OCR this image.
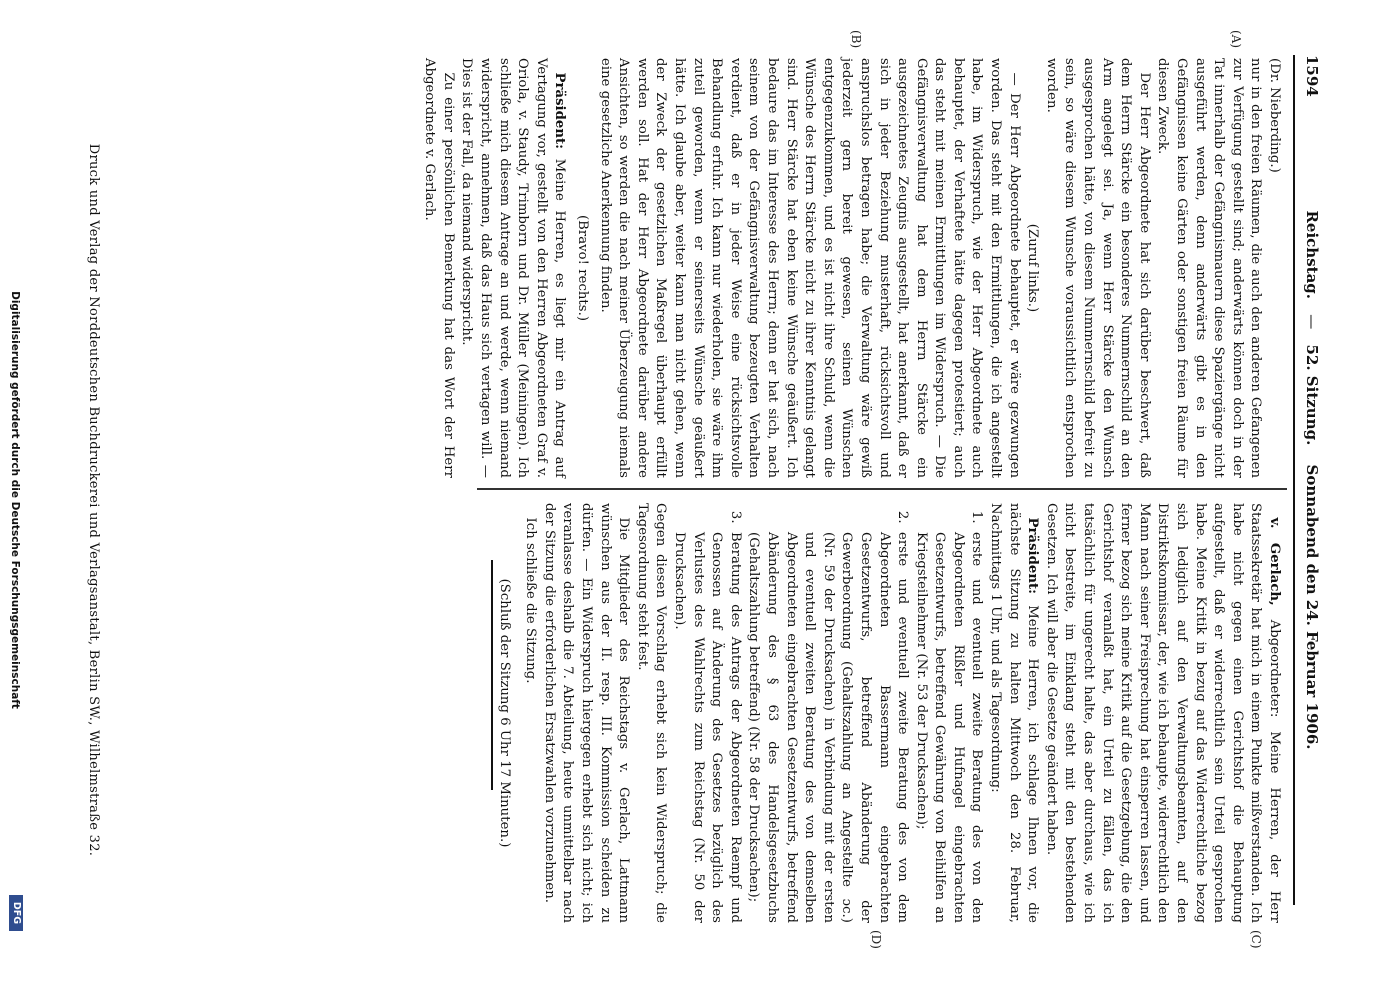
1594
Reichstag. — 52. Sitzung. Sonnabend den 24. Februar 1906.
(A)
(B)
(C)
(D)

(Dr. Nieberding.)

nur in den freien Räumen, die auch den anderen Gefangenen zur Verfügung gestellt sind; anderwärts können doch in der Tat innerhalb der Gefängnismauern diese Spaziergänge nicht ausgeführt werden, denn anderwärts gibt es in den Gefängnissen keine Gärten oder sonstigen freien Räume für diesen Zweck.

Der Herr Abgeordnete hat sich darüber beschwert, daß dem Herrn Stärcke ein besonderes Nummernschild an den Arm angelegt sei. Ja, wenn Herr Stärcke den Wunsch ausgesprochen hätte, von diesem Nummernschild befreit zu sein, so wäre diesem Wunsche voraussichtlich entsprochen worden.

(Zuruf links.)

— Der Herr Abgeordnete behauptet, er wäre gezwungen worden. Das steht mit den Ermittlungen, die ich angestellt habe, im Widerspruch, wie der Herr Abgeordnete auch behauptet, der Verhaftete hätte dagegen protestiert; auch das steht mit meinen Ermittlungen im Widerspruch. — Die Gefängnisverwaltung hat dem Herrn Stärcke ein ausgezeichnetes Zeugnis ausgestellt, hat anerkannt, daß er sich in jeder Beziehung musterhaft, rücksichtsvoll und anspruchslos betragen habe; die Verwaltung wäre gewiß jederzeit gern bereit gewesen, seinen Wünschen entgegenzukommen, und es ist nicht ihre Schuld, wenn die Wünsche des Herrn Stärcke nicht zu ihrer Kenntnis gelangt sind. Herr Stärcke hat eben keine Wünsche geäußert. Ich bedaure das im Interesse des Herrn; denn er hat sich, nach seinem von der Gefängnisverwaltung bezeugten Verhalten verdient, daß er in jeder Weise eine rücksichtsvolle Behandlung erfuhr. Ich kann nur wiederholen, sie wäre ihm zuteil geworden, wenn er seinerseits Wünsche geäußert hätte. Ich glaube aber, weiter kann man nicht gehen, wenn der Zweck der gesetzlichen Maßregel überhaupt erfüllt werden soll. Hat der Herr Abgeordnete darüber andere Ansichten, so werden die nach meiner Überzeugung niemals eine gesetzliche Anerkennung finden.

(Bravo! rechts.)

Präsident: Meine Herren, es liegt mir ein Antrag auf Vertagung vor, gestellt von den Herren Abgeordneten Graf v. Oriola, v. Staudy, Trimborn und Dr. Müller (Meiningen). Ich schließe mich diesem Antrage an und werde, wenn niemand widerspricht, annehmen, daß das Haus sich vertagen will. — Dies ist der Fall, da niemand widerspricht.

Zu einer persönlichen Bemerkung hat das Wort der Herr Abgeordnete v. Gerlach.

v. Gerlach, Abgeordneter: Meine Herren, der Herr Staatssekretär hat mich in einem Punkte mißverstanden. Ich habe nicht gegen einen Gerichtshof die Behauptung aufgestellt, daß er widerrechtlich sein Urteil gesprochen habe. Meine Kritik in bezug auf das Widerrechtliche bezog sich lediglich auf den Verwaltungsbeamten, auf den Distriktskommissar, der, wie ich behaupte, widerrechtlich den Mann nach seiner Freisprechung hat einsperren lassen, und ferner bezog sich meine Kritik auf die Gesetzgebung, die den Gerichtshof veranlaßt hat, ein Urteil zu fällen, das ich tatsächlich für ungerecht halte, das aber durchaus, wie ich nicht bestreite, im Einklang steht mit den bestehenden Gesetzen. Ich will aber die Gesetze geändert haben.

Präsident: Meine Herren, ich schlage Ihnen vor, die nächste Sitzung zu halten Mittwoch den 28. Februar, Nachmittags 1 Uhr, und als Tagesordnung:

1.
erste und eventuell zweite Beratung des von den Abgeordneten Rißler und Hufnagel eingebrachten Gesetzentwurfs, betreffend Gewährung von Beihilfen an Kriegsteilnehmer (Nr. 53 der Drucksachen);
2.
erste und eventuell zweite Beratung des von dem Abgeordneten Bassermann eingebrachten Gesetzentwurfs, betreffend Abänderung der Gewerbeordnung (Gehaltszahlung an Angestellte ɔc.) (Nr. 59 der Drucksachen) in Verbindung mit der ersten und eventuell zweiten Beratung des von demselben Abgeordneten eingebrachten Gesetzentwurfs, betreffend Abänderung des § 63 des Handelsgesetzbuchs (Gehaltszahlung betreffend) (Nr. 58 der Drucksachen);
3.
Beratung des Antrags der Abgeordneten Raempf und Genossen auf Änderung des Gesetzes bezüglich des Verlustes des Wahlrechts zum Reichstag (Nr. 50 der Drucksachen).

Gegen diesen Vorschlag erhebt sich kein Widerspruch; die Tagesordnung steht fest.

Die Mitglieder des Reichstags v. Gerlach, Lattmann wünschen aus der II. resp. III. Kommission scheiden zu dürfen. — Ein Widerspruch hiergegen erhebt sich nicht; ich veranlasse deshalb die 7. Abteilung, heute unmittelbar nach der Sitzung die erforderlichen Ersatzwahlen vorzunehmen.

Ich schließe die Sitzung.

(Schluß der Sitzung 6 Uhr 17 Minuten.)

Druck und Verlag der Norddeutschen Buchdruckerei und Verlagsanstalt, Berlin SW., Wilhelmstraße 32.
Digitalisierung gefördert durch die Deutsche Forschungsgemeinschaft
DFG
